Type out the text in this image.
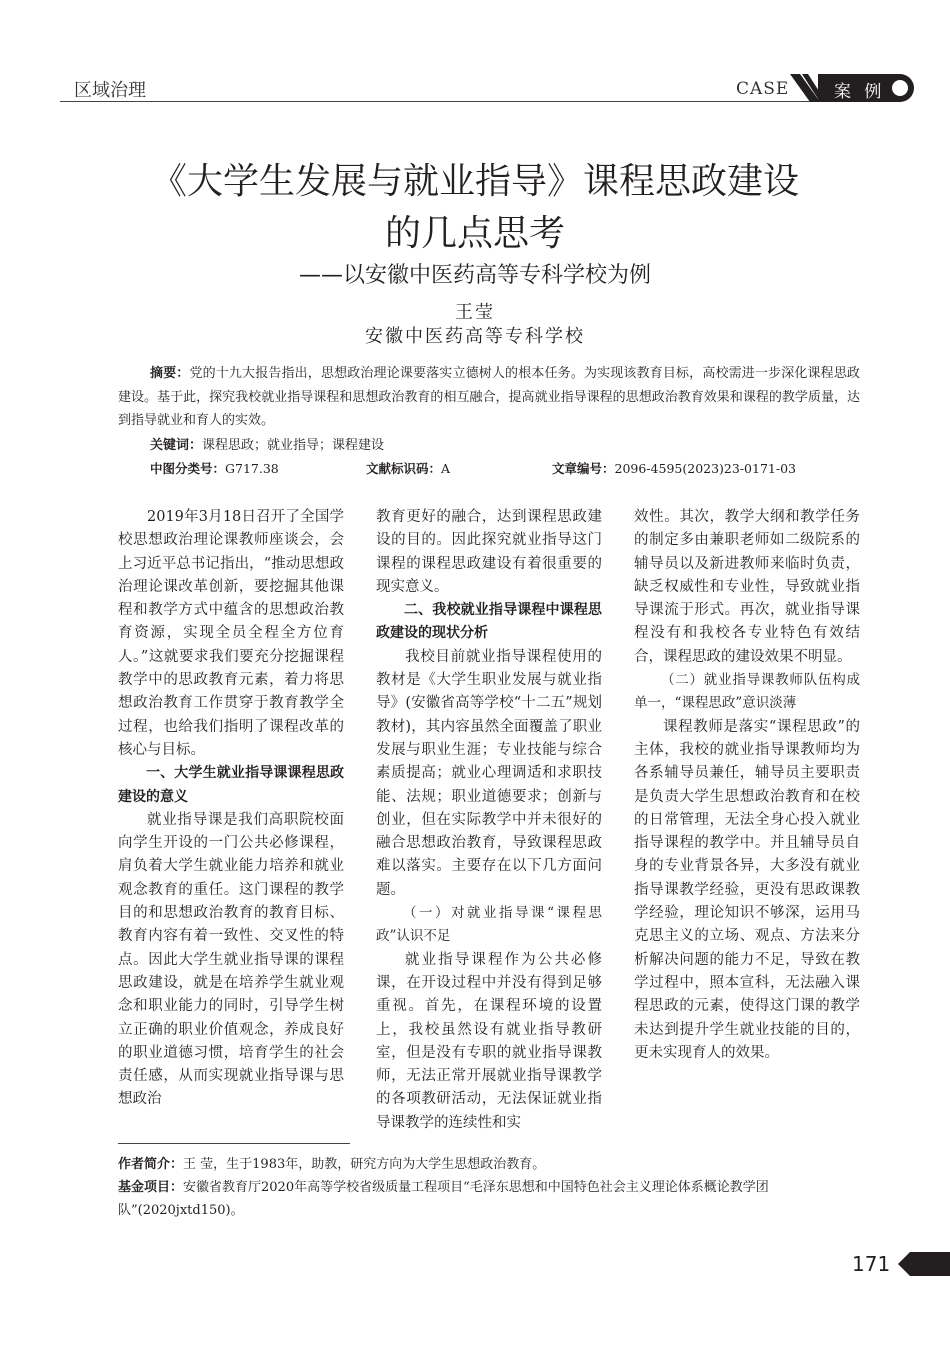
区域治理	CASE	案 例
《大学生发展与就业指导》课程思政建设
的几点思考
——以安徽中医药高等专科学校为例
王莹
安徽中医药高等专科学校
摘要：党的十九大报告指出，思想政治理论课要落实立德树人的根本任务。为实现该教育目标，高校需进一步深化课程思政建设。基于此，探究我校就业指导课程和思想政治教育的相互融合，提高就业指导课程的思想政治教育效果和课程的教学质量，达到指导就业和育人的实效。
关键词：课程思政；就业指导；课程建设
中图分类号：G717.38	文献标识码：A	文章编号：2096-4595(2023)23-0171-03

2019年3月18日召开了全国学校思想政治理论课教师座谈会，会上习近平总书记指出，“推动思想政治理论课改革创新，要挖掘其他课程和教学方式中蕴含的思想政治教育资源，实现全员全程全方位育人。”这就要求我们要充分挖掘课程教学中的思政教育元素，着力将思想政治教育工作贯穿于教育教学全过程，也给我们指明了课程改革的核心与目标。

一、大学生就业指导课课程思政建设的意义

就业指导课是我们高职院校面向学生开设的一门公共必修课程，肩负着大学生就业能力培养和就业观念教育的重任。这门课程的教学目的和思想政治教育的教育目标、教育内容有着一致性、交叉性的特点。因此大学生就业指导课的课程思政建设，就是在培养学生就业观念和职业能力的同时，引导学生树立正确的职业价值观念，养成良好的职业道德习惯，培育学生的社会责任感，从而实现就业指导课与思想政治

教育更好的融合，达到课程思政建设的目的。因此探究就业指导这门课程的课程思政建设有着很重要的现实意义。

二、我校就业指导课程中课程思政建设的现状分析

我校目前就业指导课程使用的教材是《大学生职业发展与就业指导》(安徽省高等学校“十二五”规划教材)，其内容虽然全面覆盖了职业发展与职业生涯；专业技能与综合素质提高；就业心理调适和求职技能、法规；职业道德要求；创新与创业，但在实际教学中并未很好的融合思想政治教育，导致课程思政难以落实。主要存在以下几方面问题。

（一）对就业指导课“课程思政”认识不足

就业指导课程作为公共必修课，在开设过程中并没有得到足够重视。首先，在课程环境的设置上，我校虽然设有就业指导教研室，但是没有专职的就业指导课教师，无法正常开展就业指导课教学的各项教研活动，无法保证就业指导课教学的连续性和实

效性。其次，教学大纲和教学任务的制定多由兼职老师如二级院系的辅导员以及新进教师来临时负责，缺乏权威性和专业性，导致就业指导课流于形式。再次，就业指导课程没有和我校各专业特色有效结合，课程思政的建设效果不明显。

（二）就业指导课教师队伍构成单一，“课程思政”意识淡薄

课程教师是落实“课程思政”的主体，我校的就业指导课教师均为各系辅导员兼任，辅导员主要职责是负责大学生思想政治教育和在校的日常管理，无法全身心投入就业指导课程的教学中。并且辅导员自身的专业背景各异，大多没有就业指导课教学经验，更没有思政课教学经验，理论知识不够深，运用马克思主义的立场、观点、方法来分析解决问题的能力不足，导致在教学过程中，照本宣科，无法融入课程思政的元素，使得这门课的教学未达到提升学生就业技能的目的，更未实现育人的效果。

作者简介：王 莹，生于1983年，助教，研究方向为大学生思想政治教育。

基金项目：安徽省教育厅2020年高等学校省级质量工程项目“毛泽东思想和中国特色社会主义理论体系概论教学团队”(2020jxtd150)。

171
